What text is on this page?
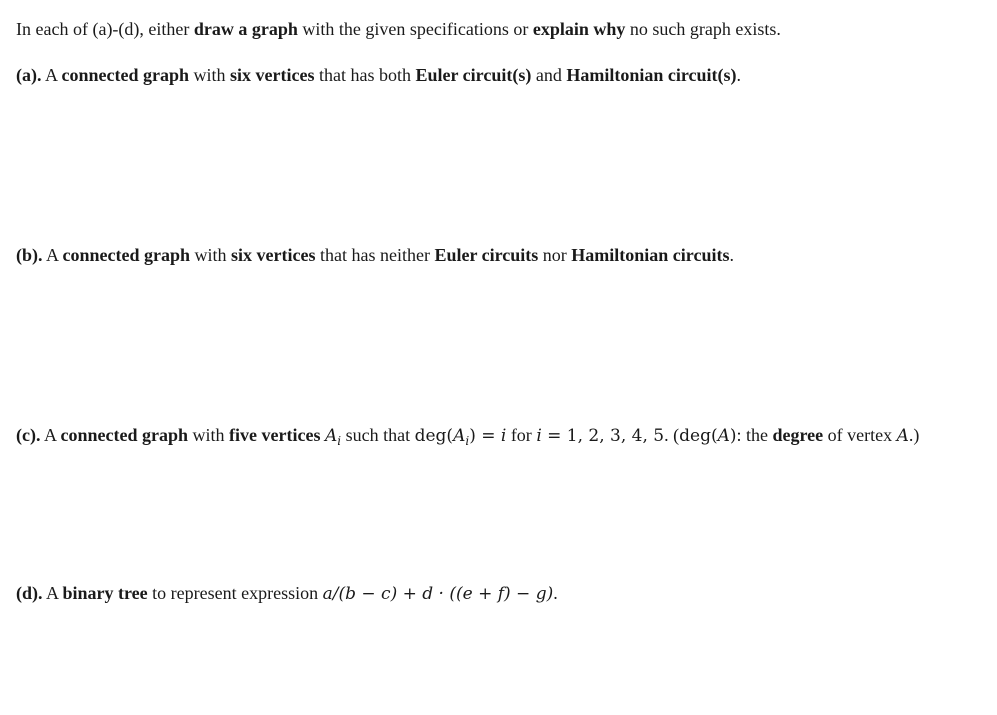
In each of (a)-(d), either draw a graph with the given specifications or explain why no such graph exists.
(a). A connected graph with six vertices that has both Euler circuit(s) and Hamiltonian circuit(s).
(b). A connected graph with six vertices that has neither Euler circuits nor Hamiltonian circuits.
(c). A connected graph with five vertices $A_i$ such that $deg(A_i) = i$ for i = 1, 2, 3, 4, 5. (deg(A): the degree of vertex A.)
(d). A binary tree to represent expression a/(b − c) + d · ((e + f) − g).
